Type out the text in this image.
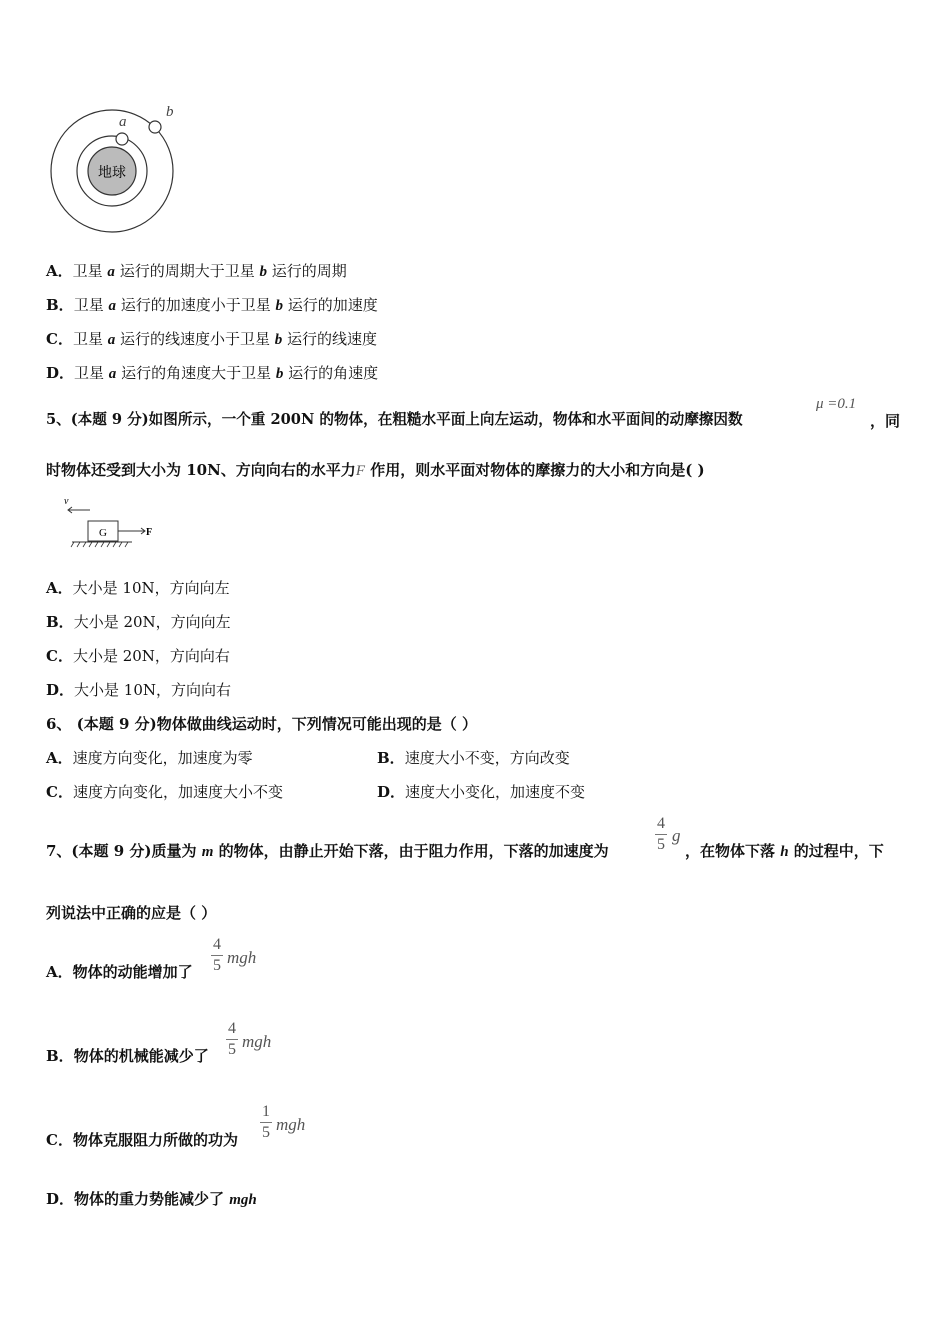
地球
a
b
A．卫星 a 运行的周期大于卫星 b 运行的周期
B．卫星 a 运行的加速度小于卫星 b 运行的加速度
C．卫星 a 运行的线速度小于卫星 b 运行的线速度
D．卫星 a 运行的角速度大于卫星 b 运行的角速度
5、(本题 9 分)如图所示，一个重 200N 的物体，在粗糙水平面上向左运动，物体和水平面间的动摩擦因数
μ =0.1
，同
时物体还受到大小为 10N、方向向右的水平力F 作用，则水平面对物体的摩擦力的大小和方向是( )
v
G	F
A．大小是 10N，方向向左
B．大小是 20N，方向向左
C．大小是 20N，方向向右
D．大小是 10N，方向向右
6、 (本题 9 分)物体做曲线运动时，下列情况可能出现的是（ ）
A．速度方向变化，加速度为零	B．速度大小不变，方向改变
C．速度方向变化，加速度大小不变	D．速度大小变化，加速度不变
7、(本题 9 分)质量为 m 的物体，由静止开始下落，由于阻力作用，下落的加速度为
4
5 g
，在物体下落 h 的过程中，下
列说法中正确的应是（ ）
A．物体的动能增加了
4
5 mgh
B．物体的机械能减少了
4
5 mgh
C．物体克服阻力所做的功为
1
5 mgh
D．物体的重力势能减少了 mgh
